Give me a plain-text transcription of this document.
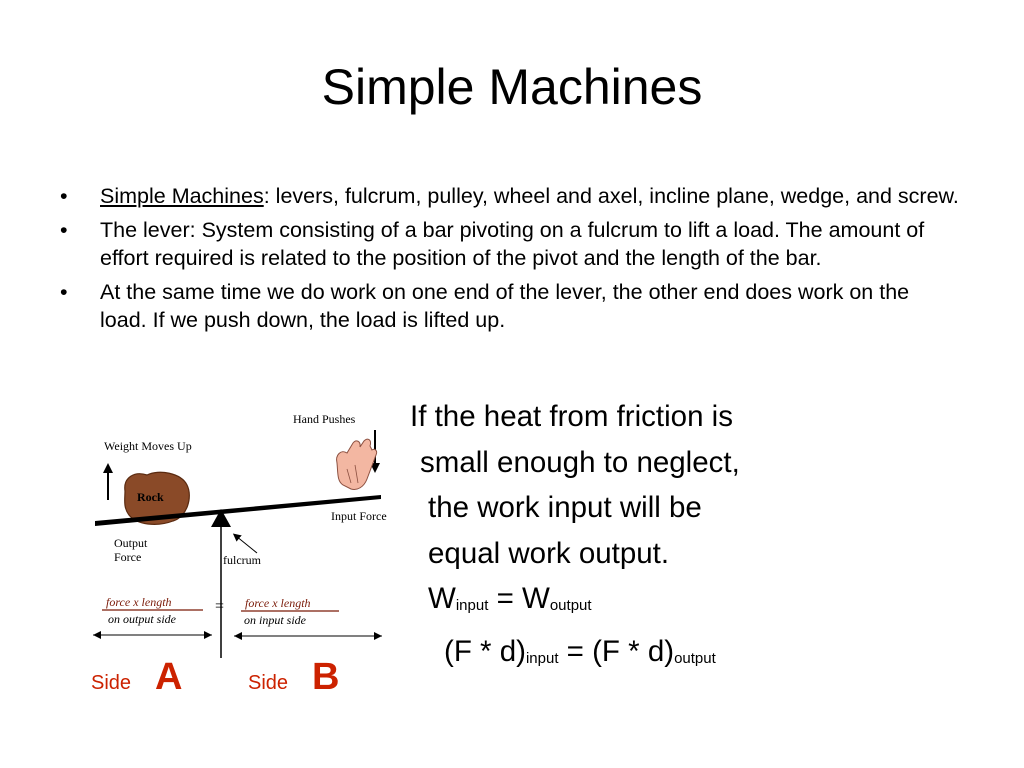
Simple Machines
• Simple Machines: levers, fulcrum, pulley, wheel and axel, incline plane, wedge, and screw.
• The lever: System consisting of a bar pivoting on a fulcrum to lift a load. The amount of effort required is related to the position of the pivot and the length of the bar.
• At the same time we do work on one end of the lever, the other end does work on the load. If we push down, the load is lifted up.
If the heat from friction is
small enough to neglect,
the work input will be
equal work output.
$W_{input} = W_{output}$
$(F * d)_{input} = (F * d)_{output}$
Hand Pushes
Weight Moves Up
Rock
Input Force
Output
Force	fulcrum
force x length
on output side
= force x length
on input side
Side A	Side B
